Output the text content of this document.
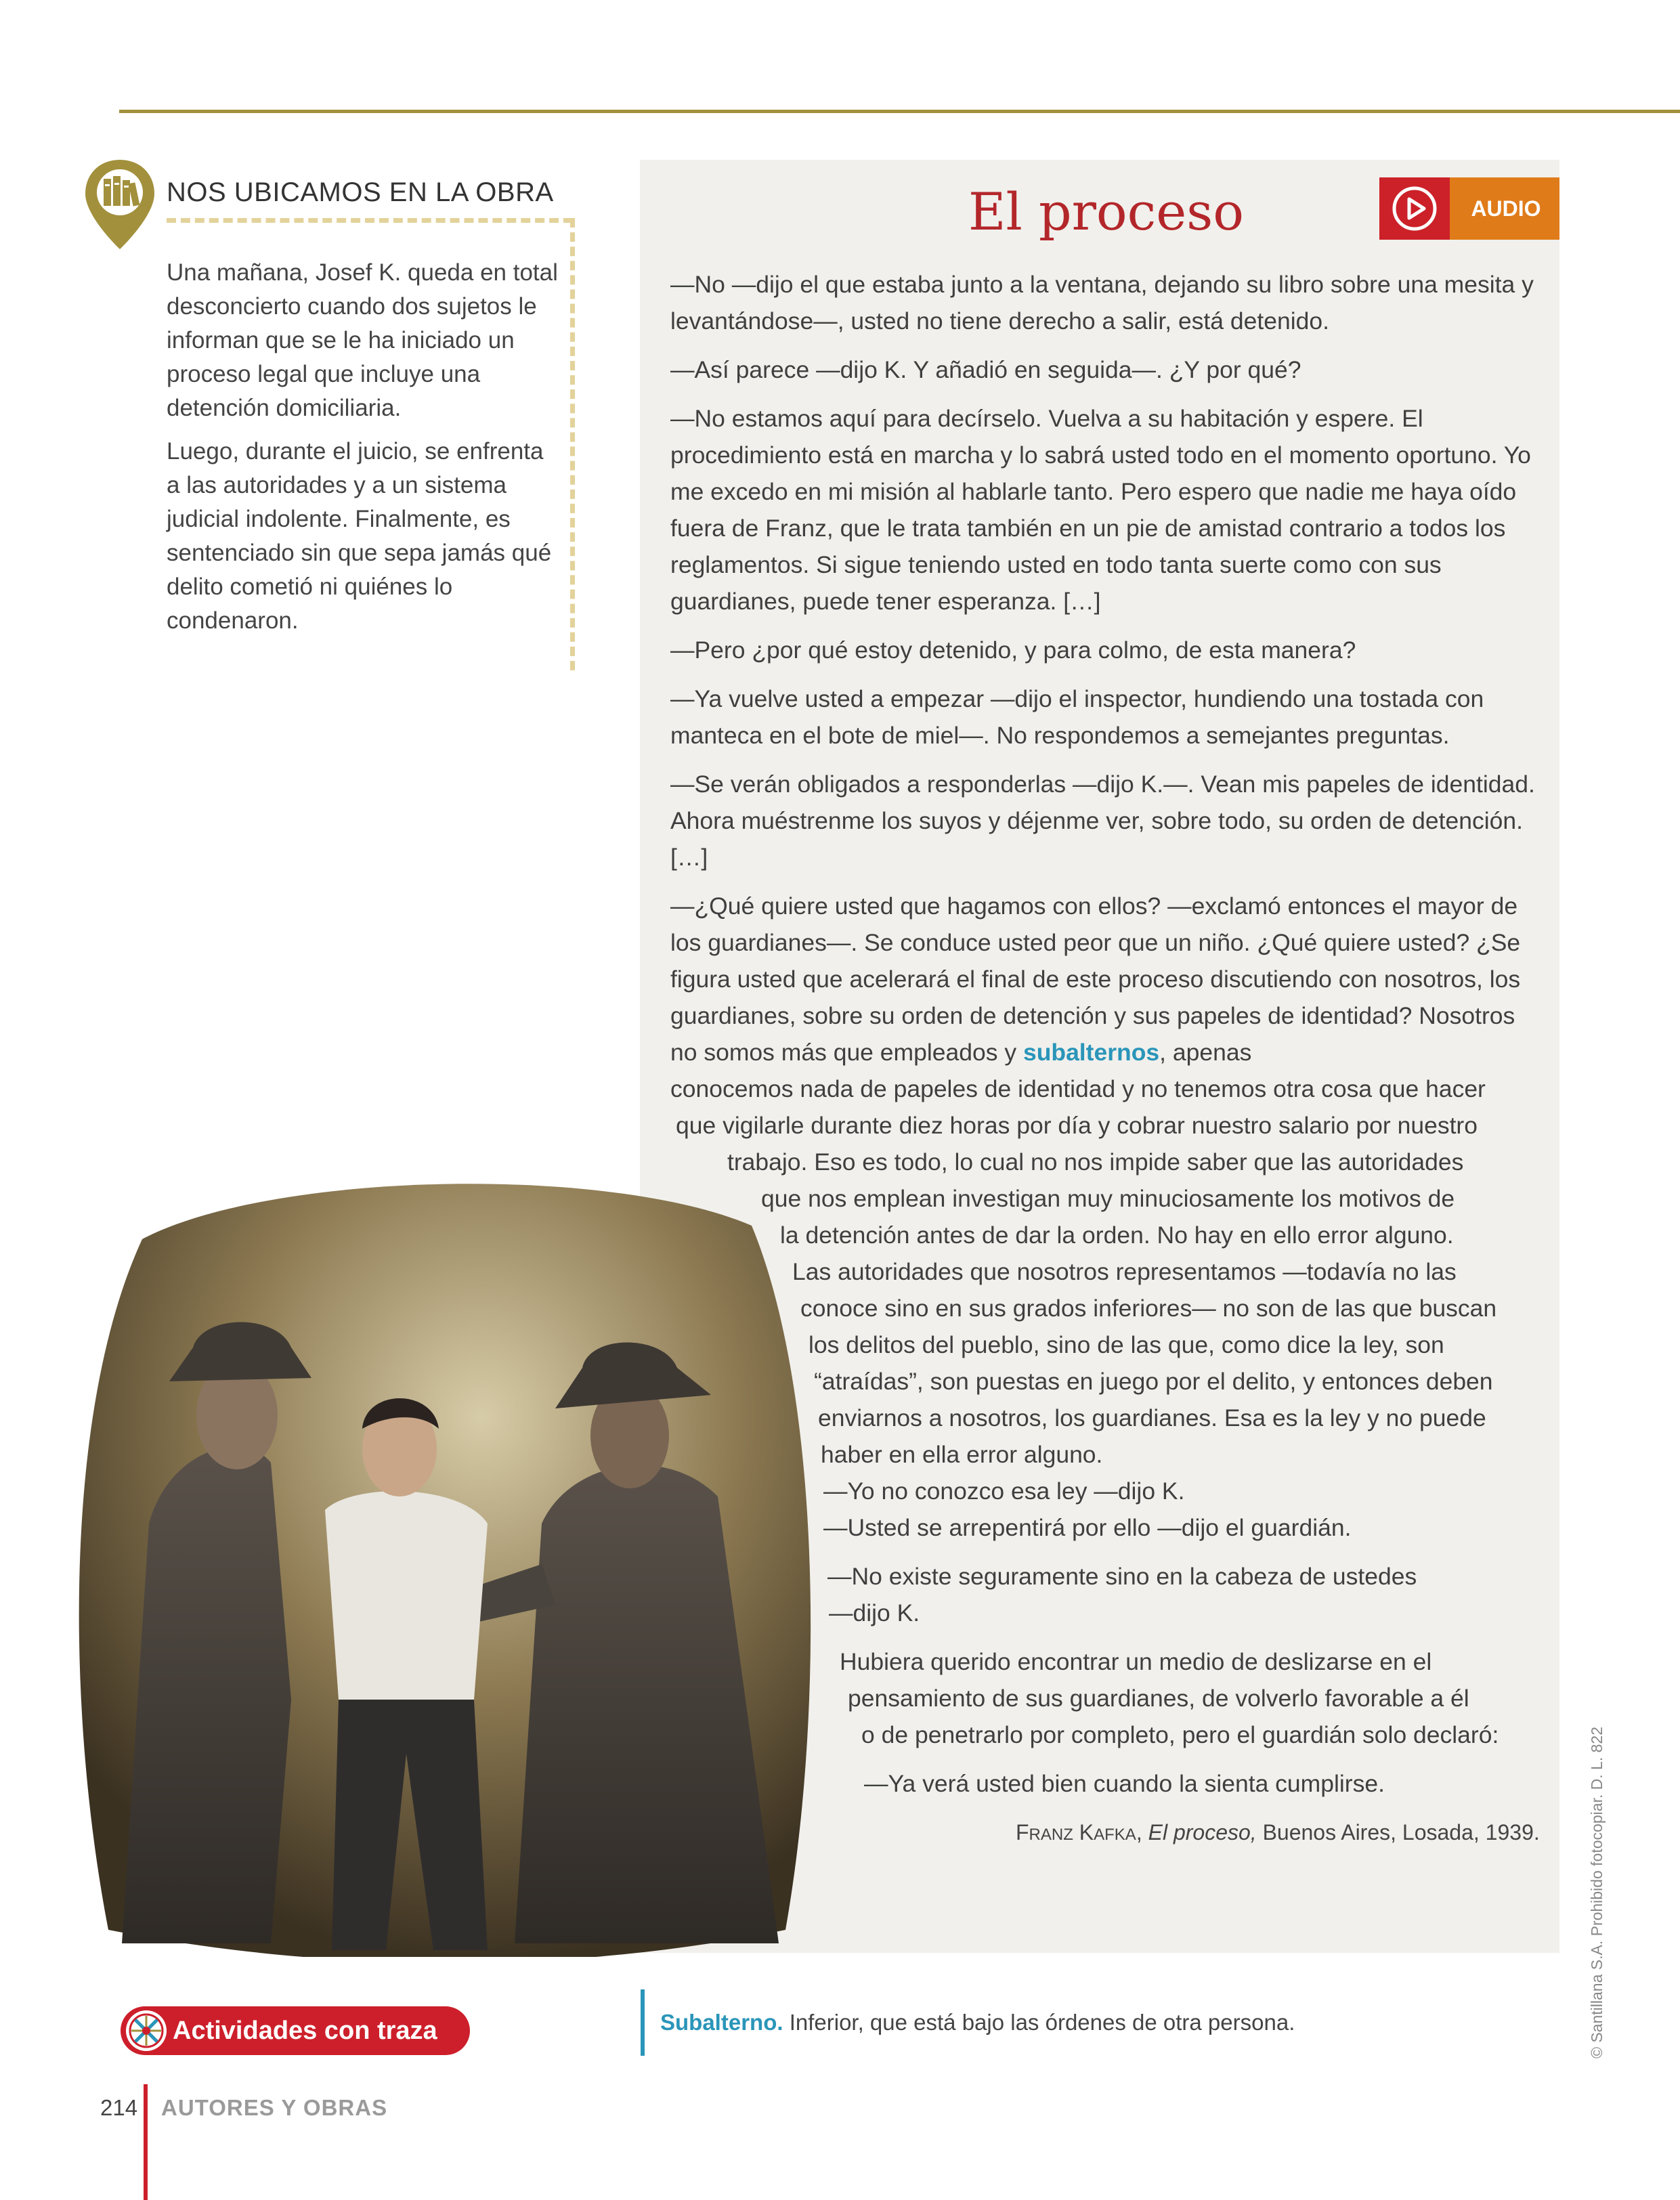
NOS UBICAMOS EN LA OBRA

Una mañana, Josef K. queda en total desconcierto cuando dos sujetos le informan que se le ha iniciado un proceso legal que incluye una detención domiciliaria.

Luego, durante el juicio, se enfrenta a las autoridades y a un sistema judicial indolente. Finalmente, es sentenciado sin que sepa jamás qué delito cometió ni quiénes lo condenaron.

El proceso	AUDIO

—No —dijo el que estaba junto a la ventana, dejando su libro sobre una mesita y levantándose—, usted no tiene derecho a salir, está detenido.

—Así parece —dijo K. Y añadió en seguida—. ¿Y por qué?

—No estamos aquí para decírselo. Vuelva a su habitación y espere. El procedimiento está en marcha y lo sabrá usted todo en el momento oportuno. Yo me excedo en mi misión al hablarle tanto. Pero espero que nadie me haya oído fuera de Franz, que le trata también en un pie de amistad contrario a todos los reglamentos. Si sigue teniendo usted en todo tanta suerte como con sus guardianes, puede tener esperanza. […]

—Pero ¿por qué estoy detenido, y para colmo, de esta manera?

—Ya vuelve usted a empezar —dijo el inspector, hundiendo una tostada con manteca en el bote de miel—. No respondemos a semejantes preguntas.

—Se verán obligados a responderlas —dijo K.—. Vean mis papeles de identidad. Ahora muéstrenme los suyos y déjenme ver, sobre todo, su orden de detención. […]

—¿Qué quiere usted que hagamos con ellos? —exclamó entonces el mayor de los guardianes—. Se conduce usted peor que un niño. ¿Qué quiere usted? ¿Se figura usted que acelerará el final de este proceso discutiendo con nosotros, los guardianes, sobre su orden de detención y sus papeles de identidad? Nosotros no somos más que empleados y subalternos, apenas

conocemos nada de papeles de identidad y no tenemos otra cosa que hacer
que vigilarle durante diez horas por día y cobrar nuestro salario por nuestro
trabajo. Eso es todo, lo cual no nos impide saber que las autoridades
que nos emplean investigan muy minuciosamente los motivos de
la detención antes de dar la orden. No hay en ello error alguno.
Las autoridades que nosotros representamos —todavía no las
conoce sino en sus grados inferiores— no son de las que buscan
los delitos del pueblo, sino de las que, como dice la ley, son
“atraídas”, son puestas en juego por el delito, y entonces deben
enviarnos a nosotros, los guardianes. Esa es la ley y no puede
haber en ella error alguno.
—Yo no conozco esa ley —dijo K.
—Usted se arrepentirá por ello —dijo el guardián.

—No existe seguramente sino en la cabeza de ustedes
—dijo K.

Hubiera querido encontrar un medio de deslizarse en el
pensamiento de sus guardianes, de volverlo favorable a él
o de penetrarlo por completo, pero el guardián solo declaró:

—Ya verá usted bien cuando la sienta cumplirse.

FRANZ KAFKA, El proceso, Buenos Aires, Losada, 1939.	© Santillana S.A. Prohibido fotocopiar. D. L. 822
Actividades con traza	Subalterno. Inferior, que está bajo las órdenes de otra persona.
214 AUTORES Y OBRAS
